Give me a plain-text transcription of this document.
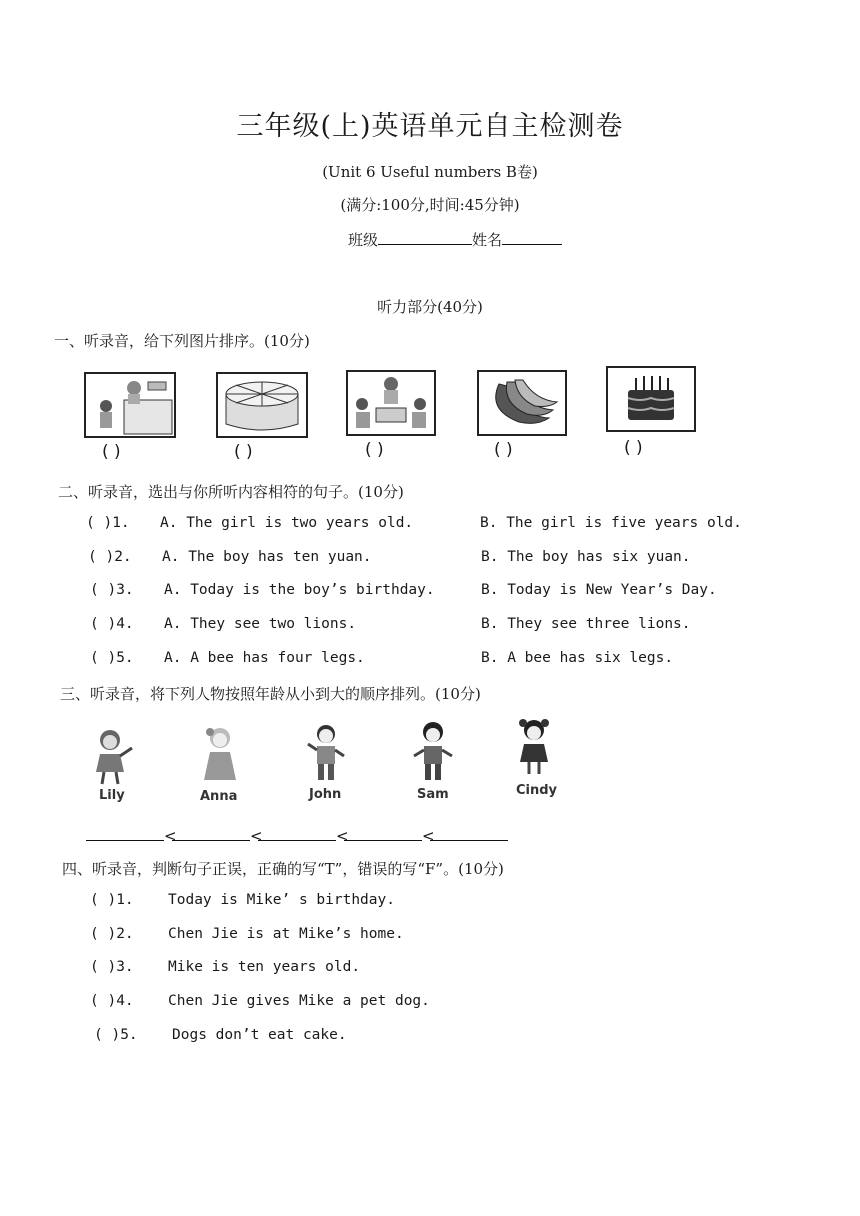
三年级(上)英语单元自主检测卷
(Unit 6 Useful numbers B卷)
(满分:100分,时间:45分钟)
班级	姓名
听力部分(40分)
一、听录音，给下列图片排序。(10分)
( )	( )	( )	( )	( )
二、听录音，选出与你所听内容相符的句子。(10分)
( )1. A. The girl is two years old.	B. The girl is five years old.
( )2. A. The boy has ten yuan.	B. The boy has six yuan.
( )3. A. Today is the boy’s birthday.	B. Today is New Year’s Day.
( )4. A. They see two lions.	B. They see three lions.
( )5. A. A bee has four legs.	B. A bee has six legs.
三、听录音，将下列人物按照年龄从小到大的顺序排列。(10分)
Lily	Anna	John	Sam	Cindy
<	<	<	<
四、听录音，判断句子正误，正确的写“T”，错误的写“F”。(10分)
( )1. Today is Mike’ s birthday.
( )2. Chen Jie is at Mike’s home.
( )3. Mike is ten years old.
( )4. Chen Jie gives Mike a pet dog.
( )5. Dogs don’t eat cake.
